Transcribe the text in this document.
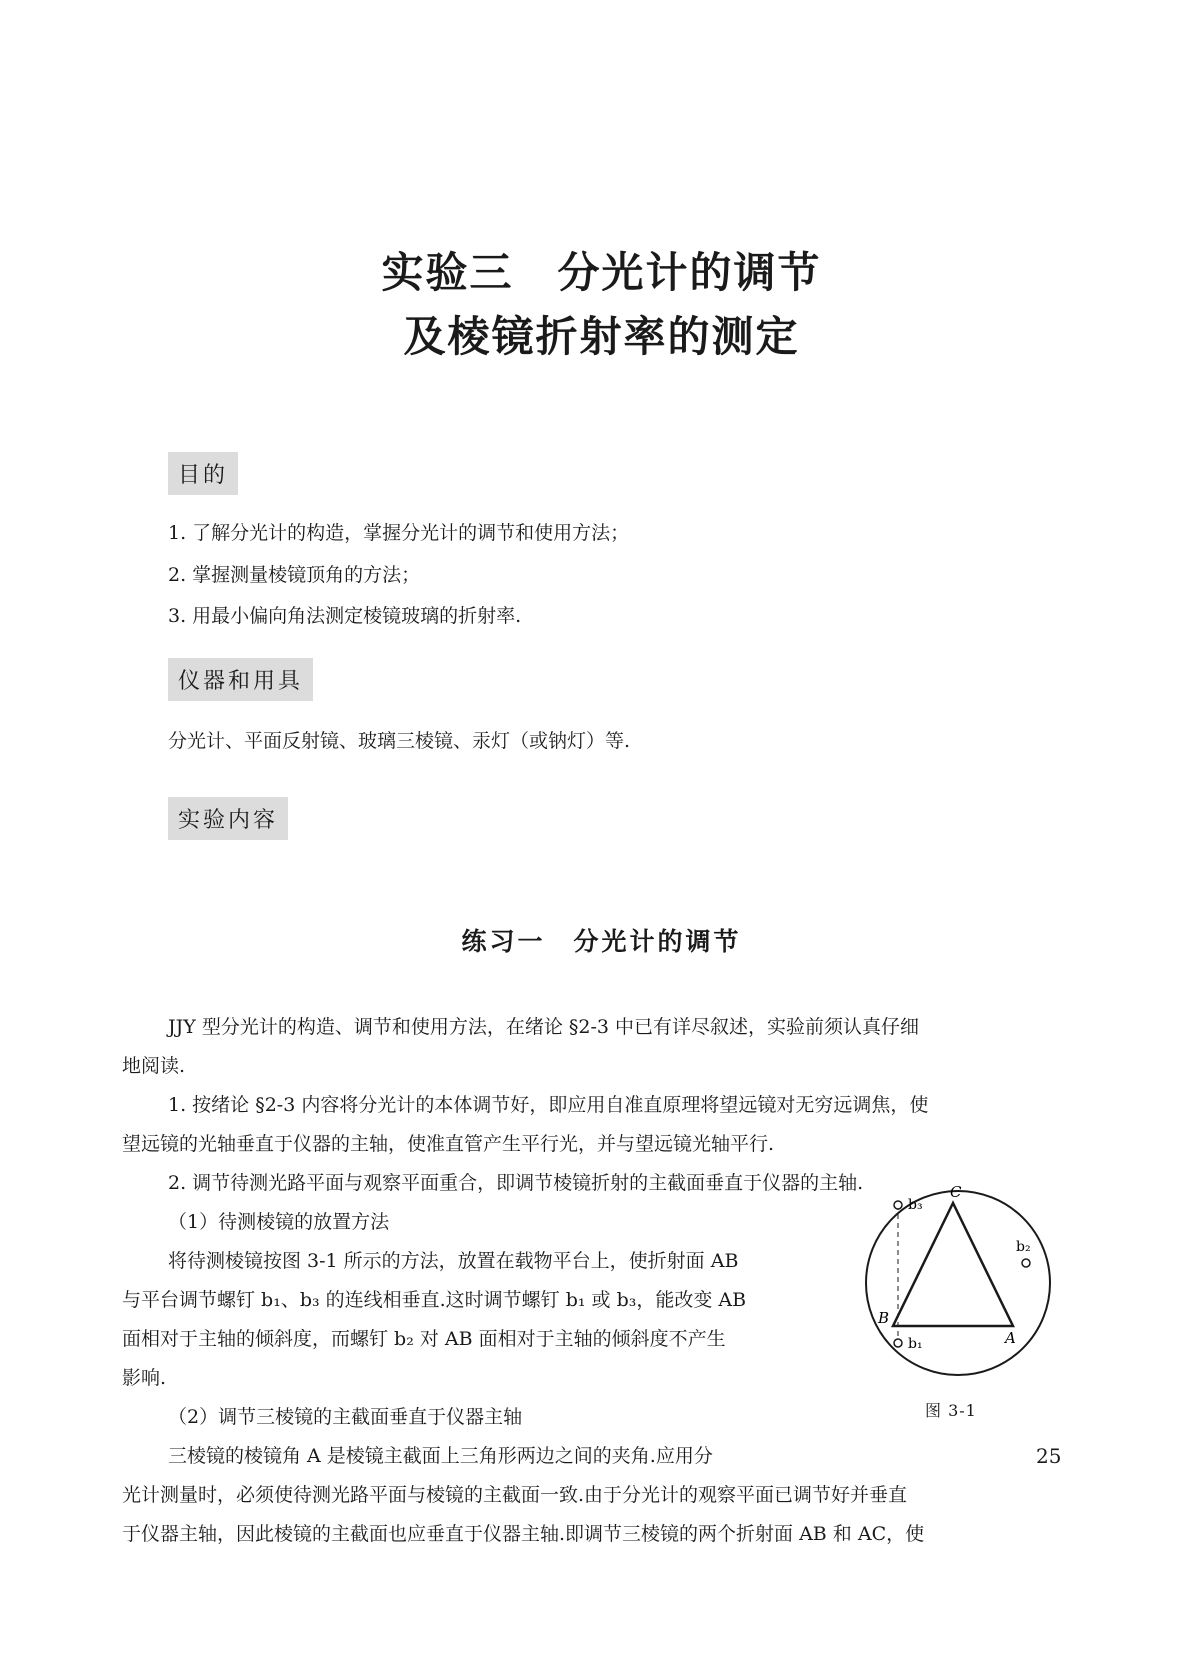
实验三　分光计的调节
及棱镜折射率的测定
目的
1. 了解分光计的构造，掌握分光计的调节和使用方法；
2. 掌握测量棱镜顶角的方法；
3. 用最小偏向角法测定棱镜玻璃的折射率.
仪器和用具
分光计、平面反射镜、玻璃三棱镜、汞灯（或钠灯）等.
实验内容
练习一　分光计的调节
JJY 型分光计的构造、调节和使用方法，在绪论 §2-3 中已有详尽叙述，实验前须认真仔细
地阅读.
1. 按绪论 §2-3 内容将分光计的本体调节好，即应用自准直原理将望远镜对无穷远调焦，使
望远镜的光轴垂直于仪器的主轴，使准直管产生平行光，并与望远镜光轴平行.
2. 调节待测光路平面与观察平面重合，即调节棱镜折射的主截面垂直于仪器的主轴.
（1）待测棱镜的放置方法
将待测棱镜按图 3-1 所示的方法，放置在载物平台上，使折射面 AB
与平台调节螺钉 b₁、b₃ 的连线相垂直.这时调节螺钉 b₁ 或 b₃，能改变 AB
面相对于主轴的倾斜度，而螺钉 b₂ 对 AB 面相对于主轴的倾斜度不产生
影响.
（2）调节三棱镜的主截面垂直于仪器主轴
三棱镜的棱镜角 A 是棱镜主截面上三角形两边之间的夹角.应用分
光计测量时，必须使待测光路平面与棱镜的主截面一致.由于分光计的观察平面已调节好并垂直
于仪器主轴，因此棱镜的主截面也应垂直于仪器主轴.即调节三棱镜的两个折射面 AB 和 AC，使
C
B
A
b₃
b₁
b₂
图 3-1
25
